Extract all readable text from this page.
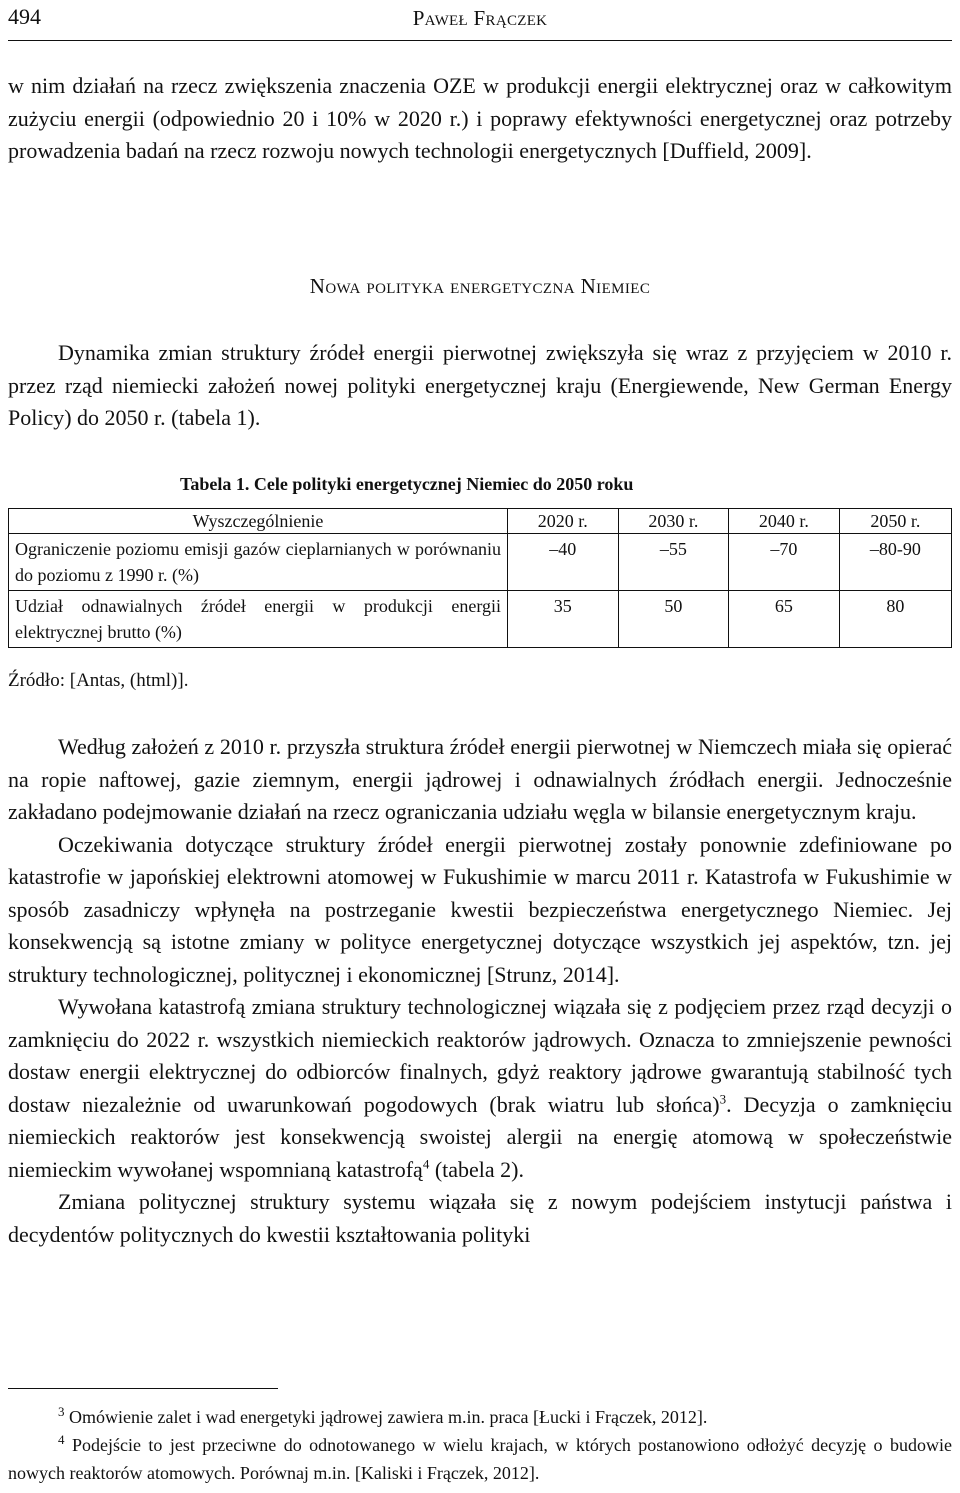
494	Paweł Frączek

w nim działań na rzecz zwiększenia znaczenia OZE w produkcji energii elektrycznej oraz w całkowitym zużyciu energii (odpowiednio 20 i 10% w 2020 r.) i poprawy efektywności energetycznej oraz potrzeby prowadzenia badań na rzecz rozwoju nowych technologii energetycznych [Duffield, 2009].

Nowa polityka energetyczna Niemiec

Dynamika zmian struktury źródeł energii pierwotnej zwiększyła się wraz z przyjęciem w 2010 r. przez rząd niemiecki założeń nowej polityki energetycznej kraju (Energiewende, New German Energy Policy) do 2050 r. (tabela 1).

Tabela 1. Cele polityki energetycznej Niemiec do 2050 roku
Wyszczególnienie	2020 r.	2030 r.	2040 r.	2050 r.
Ograniczenie poziomu emisji gazów cieplarnianych w porównaniu do poziomu z 1990 r. (%)	–40	–55	–70	–80-90
Udział odnawialnych źródeł energii w produkcji energii elektrycznej brutto (%)	35	50	65	80
Źródło: [Antas, (html)].

Według założeń z 2010 r. przyszła struktura źródeł energii pierwotnej w Niemczech miała się opierać na ropie naftowej, gazie ziemnym, energii jądrowej i odnawialnych źródłach energii. Jednocześnie zakładano podejmowanie działań na rzecz ograniczania udziału węgla w bilansie energetycznym kraju.

Oczekiwania dotyczące struktury źródeł energii pierwotnej zostały ponownie zdefiniowane po katastrofie w japońskiej elektrowni atomowej w Fukushimie w marcu 2011 r. Katastrofa w Fukushimie w sposób zasadniczy wpłynęła na postrzeganie kwestii bezpieczeństwa energetycznego Niemiec. Jej konsekwencją są istotne zmiany w polityce energetycznej dotyczące wszystkich jej aspektów, tzn. jej struktury technologicznej, politycznej i ekonomicznej [Strunz, 2014].

Wywołana katastrofą zmiana struktury technologicznej wiązała się z podjęciem przez rząd decyzji o zamknięciu do 2022 r. wszystkich niemieckich reaktorów jądrowych. Oznacza to zmniejszenie pewności dostaw energii elektrycznej do odbiorców finalnych, gdyż reaktory jądrowe gwarantują stabilność tych dostaw niezależnie od uwarunkowań pogodowych (brak wiatru lub słońca)$^3$. Decyzja o zamknięciu niemieckich reaktorów jest konsekwencją swoistej alergii na energię atomową w społeczeństwie niemieckim wywołanej wspomnianą katastrofą$^4$ (tabela 2).

Zmiana politycznej struktury systemu wiązała się z nowym podejściem instytucji państwa i decydentów politycznych do kwestii kształtowania polityki

$^3$ Omówienie zalet i wad energetyki jądrowej zawiera m.in. praca [Łucki i Frączek, 2012].

$^4$ Podejście to jest przeciwne do odnotowanego w wielu krajach, w których postanowiono odłożyć decyzję o budowie nowych reaktorów atomowych. Porównaj m.in. [Kaliski i Frączek, 2012].
